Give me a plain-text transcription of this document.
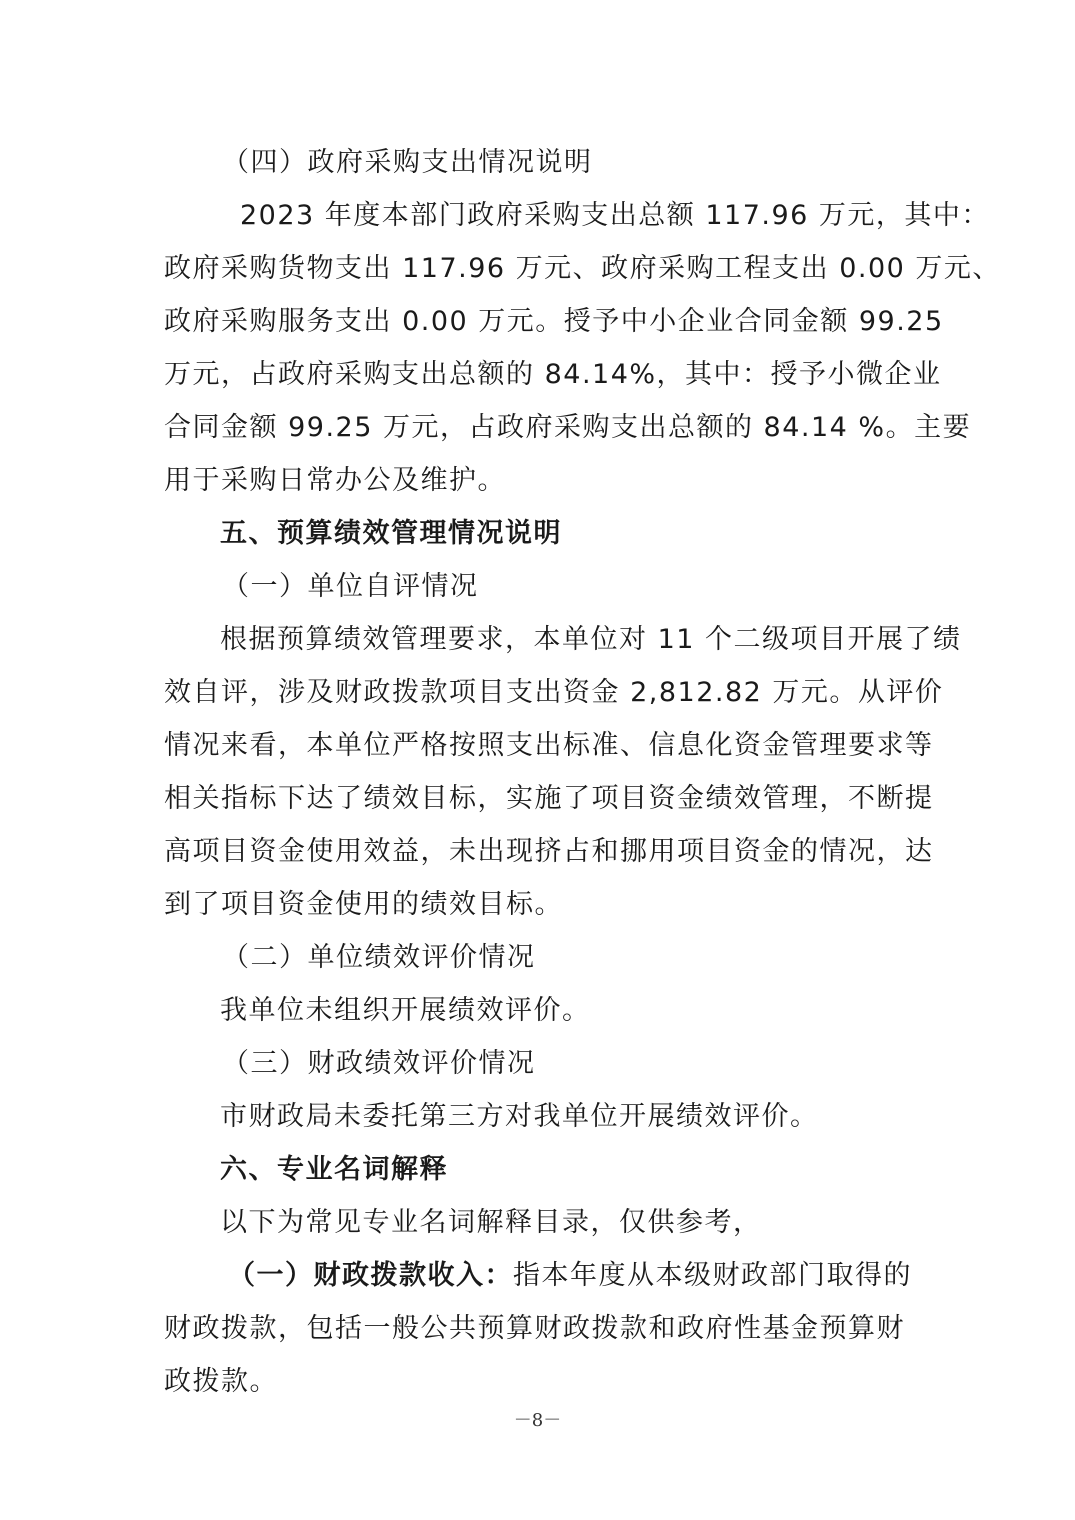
（四）政府采购支出情况说明
2023 年度本部门政府采购支出总额 117.96 万元，其中：
政府采购货物支出 117.96 万元、政府采购工程支出 0.00 万元、
政府采购服务支出 0.00 万元。授予中小企业合同金额 99.25
万元，占政府采购支出总额的 84.14%，其中：授予小微企业
合同金额 99.25 万元，占政府采购支出总额的 84.14 %。主要
用于采购日常办公及维护。
五、预算绩效管理情况说明
（一）单位自评情况
根据预算绩效管理要求，本单位对 11 个二级项目开展了绩
效自评，涉及财政拨款项目支出资金 2,812.82 万元。从评价
情况来看，本单位严格按照支出标准、信息化资金管理要求等
相关指标下达了绩效目标，实施了项目资金绩效管理，不断提
高项目资金使用效益，未出现挤占和挪用项目资金的情况，达
到了项目资金使用的绩效目标。
（二）单位绩效评价情况
我单位未组织开展绩效评价。
（三）财政绩效评价情况
市财政局未委托第三方对我单位开展绩效评价。
六、专业名词解释
以下为常见专业名词解释目录，仅供参考，
（一）财政拨款收入：指本年度从本级财政部门取得的
财政拨款，包括一般公共预算财政拨款和政府性基金预算财
政拨款。
－8－
